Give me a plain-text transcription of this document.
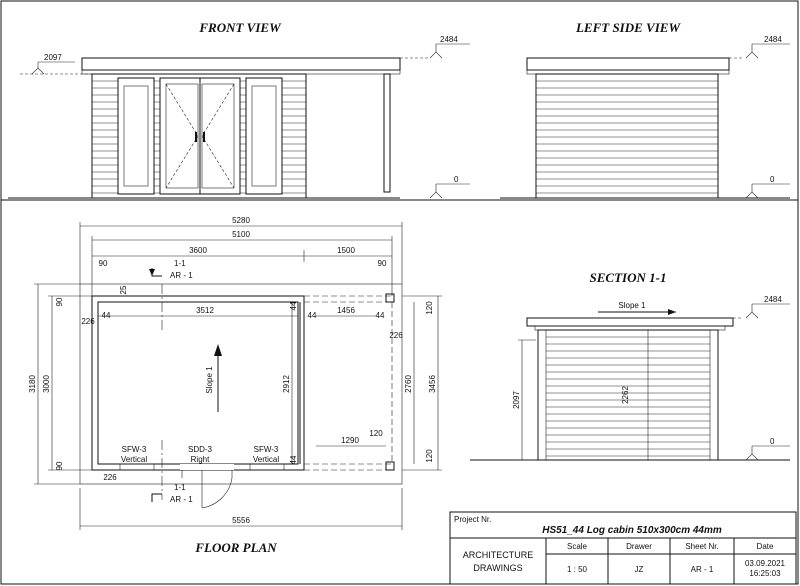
FRONT VIEW
2484
2097
0
LEFT SIDE VIEW
2484
0
SECTION 1-1
Slope 1
2262
2097
2484
0
FLOOR PLAN
1-1
AR - 1
1-1
AR - 1
Slope 1
SFW-3
Vertical
SDD-3
Right
SFW-3
Vertical
5280
5100
3600	1500
90	90
25
90
226
44
3512	44
44
1456
44
226
120
3180 3000
90
2912	2760 3456
120
1290
120
226
44
5556	Project Nr.
HS51_44 Log cabin 510x300cm 44mm
ARCHITECTURE
DRAWINGS
Scale	Drawer	Sheet Nr.	Date
1 : 50	JZ	AR - 1
03.09.2021
16:25:03
